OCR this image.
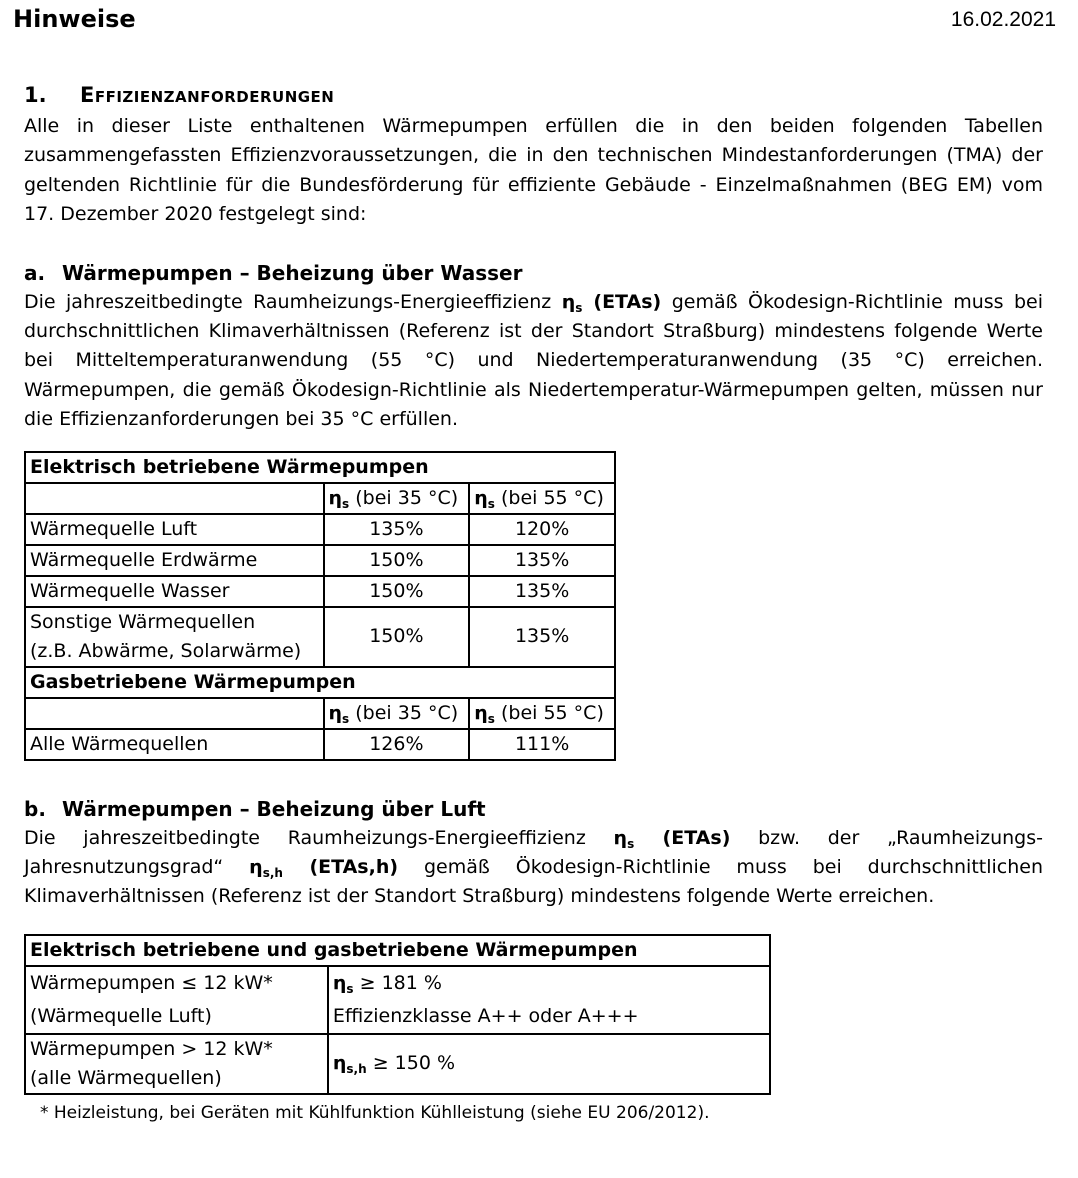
Hinweise	16.02.2021
1. Effizienzanforderungen

Alle in dieser Liste enthaltenen Wärmepumpen erfüllen die in den beiden folgenden Tabellen zusammengefassten Effizienzvoraussetzungen, die in den technischen Mindestanforderungen (TMA) der geltenden Richtlinie für die Bundesförderung für effiziente Gebäude - Einzelmaßnahmen (BEG EM) vom 17. Dezember 2020 festgelegt sind:

a. Wärmepumpen – Beheizung über Wasser

Die jahreszeitbedingte Raumheizungs-Energieeffizienz $\eta_s$ (ETAs) gemäß Ökodesign-Richtlinie muss bei durchschnittlichen Klimaverhältnissen (Referenz ist der Standort Straßburg) mindestens folgende Werte bei Mitteltemperaturanwendung (55 °C) und Niedertemperaturanwendung (35 °C) erreichen. Wärmepumpen, die gemäß Ökodesign-Richtlinie als Niedertemperatur-Wärmepumpen gelten, müssen nur die Effizienzanforderungen bei 35 °C erfüllen.

Elektrisch betriebene Wärmepumpen		
	$\eta_s$ (bei 35 °C)	$\eta_s$ (bei 55 °C)
Wärmequelle Luft	135%	120%
Wärmequelle Erdwärme	150%	135%
Wärmequelle Wasser	150%	135%
Sonstige Wärmequellen
(z.B. Abwärme, Solarwärme)	150%	135%
Gasbetriebene Wärmepumpen		
	$\eta_s$ (bei 35 °C)	$\eta_s$ (bei 55 °C)
Alle Wärmequellen	126%	111%
b. Wärmepumpen – Beheizung über Luft

Die jahreszeitbedingte Raumheizungs-Energieeffizienz $\eta_s$ (ETAs) bzw. der „Raumheizungs-Jahresnutzungsgrad“ $\eta_{s,h}$ (ETAs,h) gemäß Ökodesign-Richtlinie muss bei durchschnittlichen Klimaverhältnissen (Referenz ist der Standort Straßburg) mindestens folgende Werte erreichen.

Elektrisch betriebene und gasbetriebene Wärmepumpen	
Wärmepumpen ≤ 12 kW*
(Wärmequelle Luft)	$\eta_s \ge 181$ %
Effizienzklasse A++ oder A+++
Wärmepumpen > 12 kW*
(alle Wärmequellen)	$\eta_{s,h} \ge 150$ %
* Heizleistung, bei Geräten mit Kühlfunktion Kühlleistung (siehe EU 206/2012).
